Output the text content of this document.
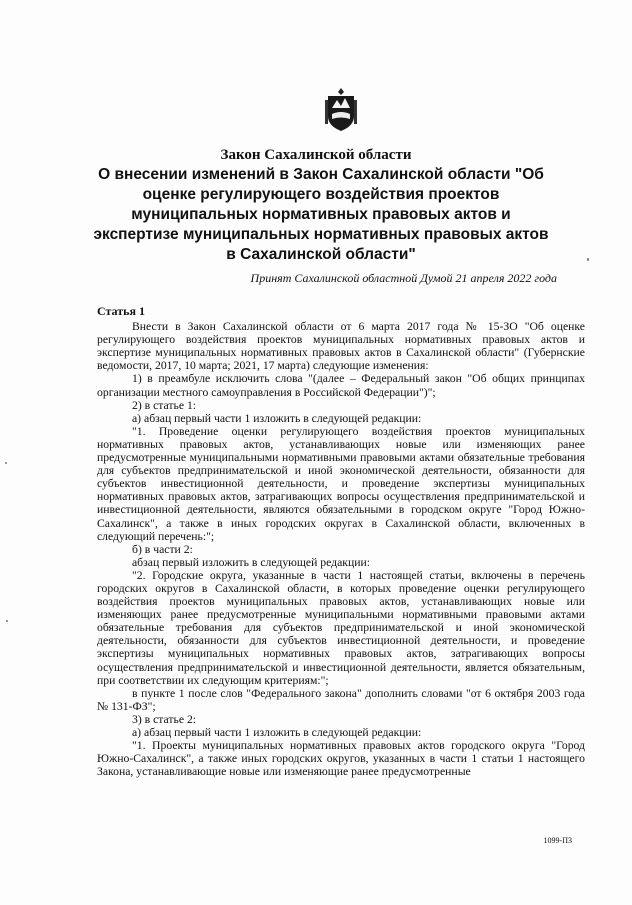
Закон Сахалинской области
О внесении изменений в Закон Сахалинской области "Об оценке регулирующего воздействия проектов муниципальных нормативных правовых актов и экспертизе муниципальных нормативных правовых актов в Сахалинской области"
Принят Сахалинской областной Думой 21 апреля 2022 года

Статья 1

Внести в Закон Сахалинской области от 6 марта 2017 года № 15-ЗО "Об оценке регулирующего воздействия проектов муниципальных нормативных правовых актов и экспертизе муниципальных нормативных правовых актов в Сахалинской области" (Губернские ведомости, 2017, 10 марта; 2021, 17 марта) следующие изменения:

1) в преамбуле исключить слова "(далее – Федеральный закон "Об общих принципах организации местного самоуправления в Российской Федерации")";

2) в статье 1:

а) абзац первый части 1 изложить в следующей редакции:

"1. Проведение оценки регулирующего воздействия проектов муниципальных нормативных правовых актов, устанавливающих новые или изменяющих ранее предусмотренные муниципальными нормативными правовыми актами обязательные требования для субъектов предпринимательской и иной экономической деятельности, обязанности для субъектов инвестиционной деятельности, и проведение экспертизы муниципальных нормативных правовых актов, затрагивающих вопросы осуществления предпринимательской и инвестиционной деятельности, являются обязательными в городском округе "Город Южно-Сахалинск", а также в иных городских округах в Сахалинской области, включенных в следующий перечень:";

б) в части 2:

абзац первый изложить в следующей редакции:

"2. Городские округа, указанные в части 1 настоящей статьи, включены в перечень городских округов в Сахалинской области, в которых проведение оценки регулирующего воздействия проектов муниципальных правовых актов, устанавливающих новые или изменяющих ранее предусмотренные муниципальными нормативными правовыми актами обязательные требования для субъектов предпринимательской и иной экономической деятельности, обязанности для субъектов инвестиционной деятельности, и проведение экспертизы муниципальных нормативных правовых актов, затрагивающих вопросы осуществления предпринимательской и инвестиционной деятельности, является обязательным, при соответствии их следующим критериям:";

в пункте 1 после слов "Федерального закона" дополнить словами "от 6 октября 2003 года № 131-ФЗ";

3) в статье 2:

а) абзац первый части 1 изложить в следующей редакции:

"1. Проекты муниципальных нормативных правовых актов городского округа "Город Южно-Сахалинск", а также иных городских округов, указанных в части 1 статьи 1 настоящего Закона, устанавливающие новые или изменяющие ранее предусмотренные

1099-П3
